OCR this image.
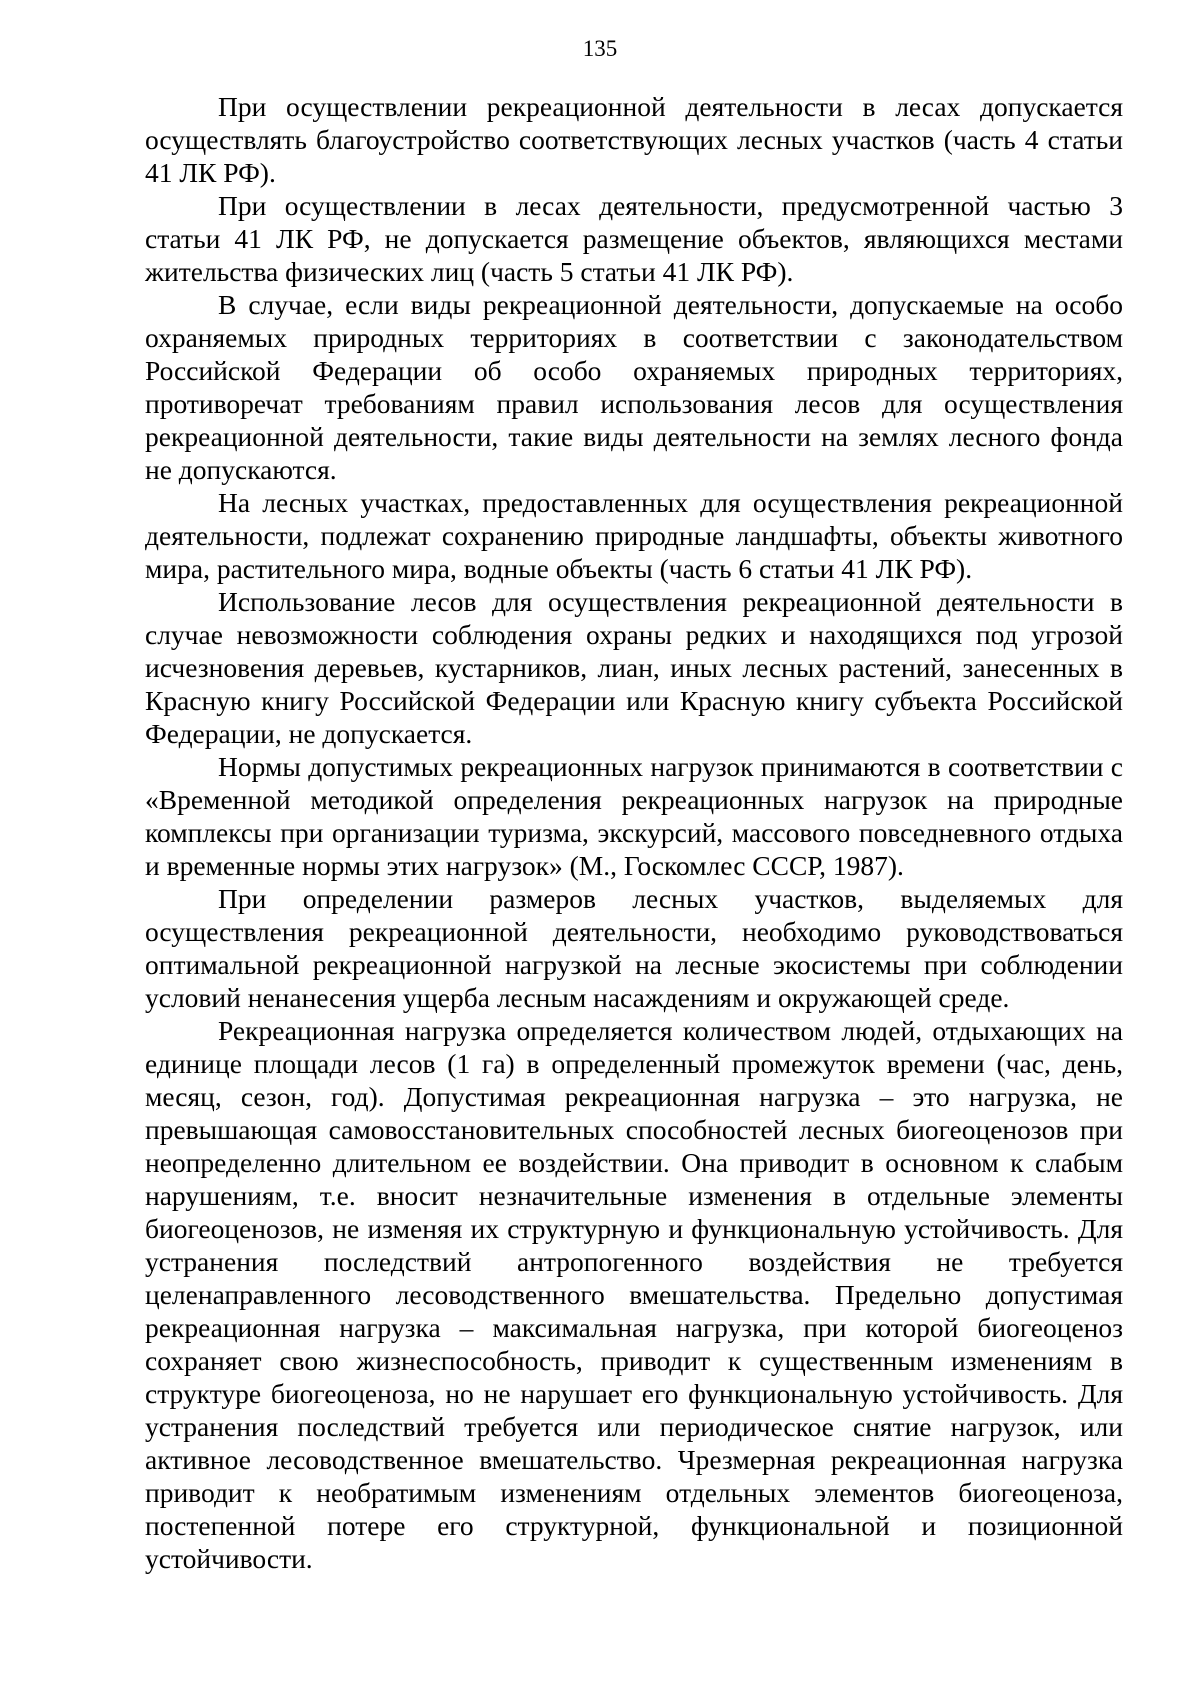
135

При осуществлении рекреационной деятельности в лесах допускается осуществлять благоустройство соответствующих лесных участков (часть 4 статьи 41 ЛК РФ).

При осуществлении в лесах деятельности, предусмотренной частью 3 статьи 41 ЛК РФ, не допускается размещение объектов, являющихся местами жительства физических лиц (часть 5 статьи 41 ЛК РФ).

В случае, если виды рекреационной деятельности, допускаемые на особо охраняемых природных территориях в соответствии с законодательством Российской Федерации об особо охраняемых природных территориях, противоречат требованиям правил использования лесов для осуществления рекреационной деятельности, такие виды деятельности на землях лесного фонда не допускаются.

На лесных участках, предоставленных для осуществления рекреационной деятельности, подлежат сохранению природные ландшафты, объекты животного мира, растительного мира, водные объекты (часть 6 статьи 41 ЛК РФ).

Использование лесов для осуществления рекреационной деятельности в случае невозможности соблюдения охраны редких и находящихся под угрозой исчезновения деревьев, кустарников, лиан, иных лесных растений, занесенных в Красную книгу Российской Федерации или Красную книгу субъекта Российской Федерации, не допускается.

Нормы допустимых рекреационных нагрузок принимаются в соответствии с «Временной методикой определения рекреационных нагрузок на природные комплексы при организации туризма, экскурсий, массового повседневного отдыха и временные нормы этих нагрузок» (М., Госкомлес СССР, 1987).

При определении размеров лесных участков, выделяемых для осуществления рекреационной деятельности, необходимо руководствоваться оптимальной рекреационной нагрузкой на лесные экосистемы при соблюдении условий ненанесения ущерба лесным насаждениям и окружающей среде.

Рекреационная нагрузка определяется количеством людей, отдыхающих на единице площади лесов (1 га) в определенный промежуток времени (час, день, месяц, сезон, год). Допустимая рекреационная нагрузка – это нагрузка, не превышающая самовосстановительных способностей лесных биогеоценозов при неопределенно длительном ее воздействии. Она приводит в основном к слабым нарушениям, т.е. вносит незначительные изменения в отдельные элементы биогеоценозов, не изменяя их структурную и функциональную устойчивость. Для устранения последствий антропогенного воздействия не требуется целенаправленного лесоводственного вмешательства. Предельно допустимая рекреационная нагрузка – максимальная нагрузка, при которой биогеоценоз сохраняет свою жизнеспособность, приводит к существенным изменениям в структуре биогеоценоза, но не нарушает его функциональную устойчивость. Для устранения последствий требуется или периодическое снятие нагрузок, или активное лесоводственное вмешательство. Чрезмерная рекреационная нагрузка приводит к необратимым изменениям отдельных элементов биогеоценоза, постепенной потере его структурной, функциональной и позиционной устойчивости.
